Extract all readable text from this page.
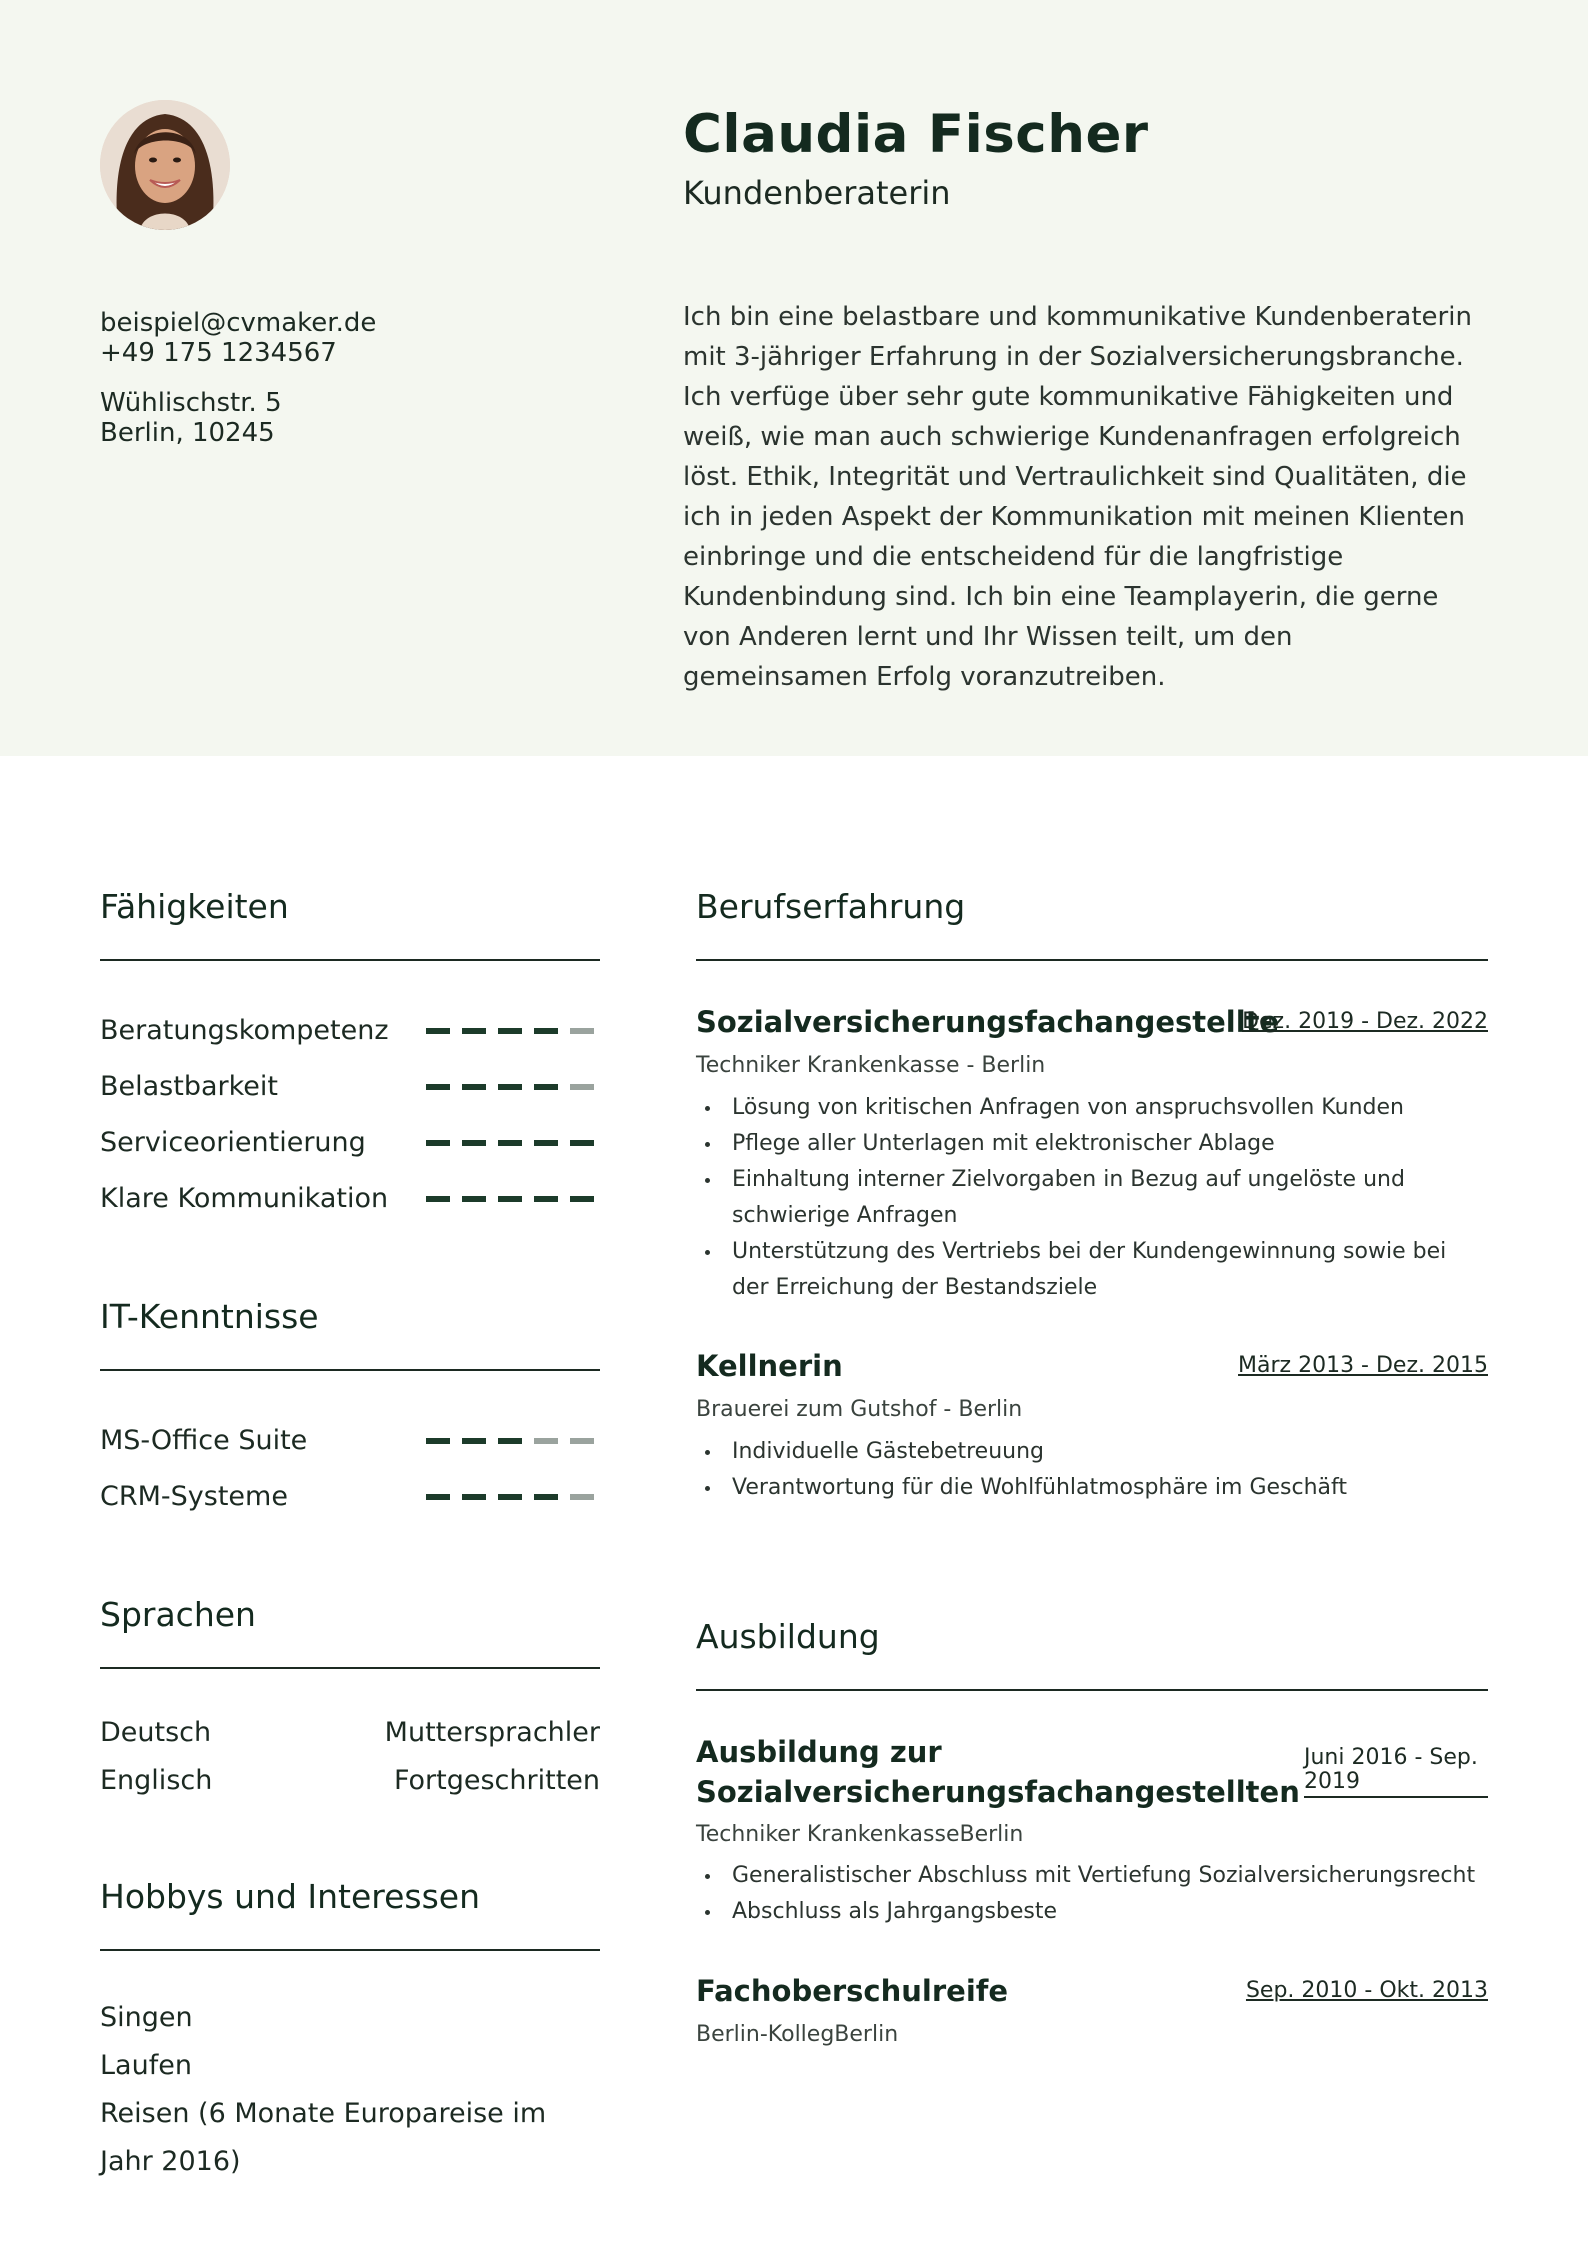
beispiel@cvmaker.de
+49 175 1234567
Wühlischstr. 5
Berlin, 10245
Claudia Fischer
Kundenberaterin
Ich bin eine belastbare und kommunikative Kundenberaterin mit 3-jähriger Erfahrung in der Sozialversicherungsbranche. Ich verfüge über sehr gute kommunikative Fähigkeiten und weiß, wie man auch schwierige Kundenanfragen erfolgreich löst. Ethik, Integrität und Vertraulichkeit sind Qualitäten, die ich in jeden Aspekt der Kommunikation mit meinen Klienten einbringe und die entscheidend für die langfristige Kundenbindung sind. Ich bin eine Teamplayerin, die gerne von Anderen lernt und Ihr Wissen teilt, um den gemeinsamen Erfolg voranzutreiben.
Fähigkeiten
Beratungskompetenz
Belastbarkeit
Serviceorientierung
Klare Kommunikation
IT-Kenntnisse
MS-Office Suite
CRM-Systeme
Sprachen
Deutsch	Muttersprachler
Englisch	Fortgeschritten
Hobbys und Interessen
Singen
Laufen
Reisen (6 Monate Europareise im Jahr 2016)
Berufserfahrung
Sozialversicherungsfachangestellte
Dez. 2019 - Dez. 2022
Techniker Krankenkasse - Berlin
Lösung von kritischen Anfragen von anspruchsvollen Kunden
Pflege aller Unterlagen mit elektronischer Ablage
Einhaltung interner Zielvorgaben in Bezug auf ungelöste und schwierige Anfragen
Unterstützung des Vertriebs bei der Kundengewinnung sowie bei der Erreichung der Bestandsziele
Kellnerin	März 2013 - Dez. 2015
Brauerei zum Gutshof - Berlin
Individuelle Gästebetreuung
Verantwortung für die Wohlfühlatmosphäre im Geschäft
Ausbildung
Ausbildung zur
Sozialversicherungsfachangestellten
Juni 2016 - Sep.
2019
Techniker KrankenkasseBerlin
Generalistischer Abschluss mit Vertiefung Sozialversicherungsrecht
Abschluss als Jahrgangsbeste
Fachoberschulreife	Sep. 2010 - Okt. 2013
Berlin-KollegBerlin
